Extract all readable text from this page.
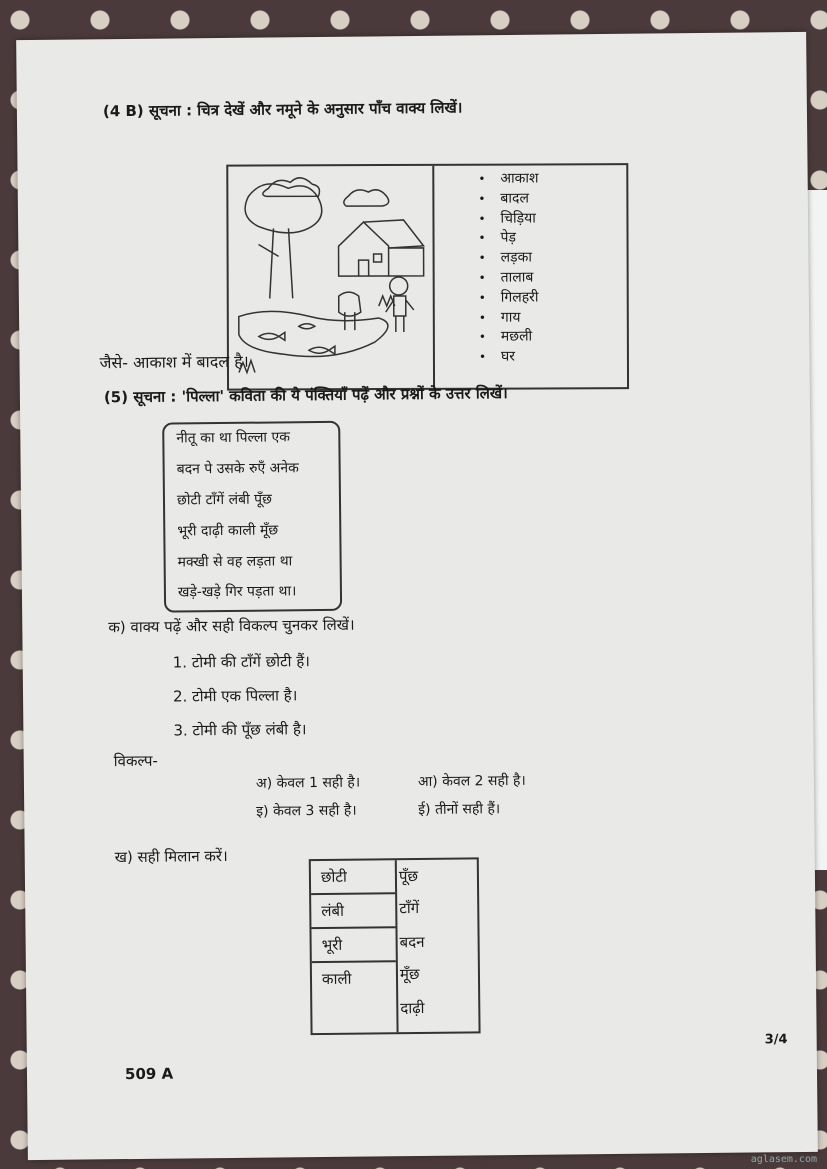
(4 B) सूचना : चित्र देखें और नमूने के अनुसार पाँच वाक्य लिखें।
• आकाश
• बादल
• चिड़िया
• पेड़
• लड़का
• तालाब
• गिलहरी
• गाय
• मछली
• घर
जैसे- आकाश में बादल है।
(5) सूचना : 'पिल्ला' कविता की ये पंक्तियाँ पढ़ें और प्रश्नों के उत्तर लिखें।
नीतू का था पिल्ला एक
बदन पे उसके रुएँ अनेक
छोटी टाँगें लंबी पूँछ
भूरी दाढ़ी काली मूँछ
मक्खी से वह लड़ता था
खड़े-खड़े गिर पड़ता था।
क) वाक्य पढ़ें और सही विकल्प चुनकर लिखें।
1. टोमी की टाँगें छोटी हैं।
2. टोमी एक पिल्ला है।
3. टोमी की पूँछ लंबी है।
विकल्प-
अ) केवल 1 सही है।	आ) केवल 2 सही है।
इ) केवल 3 सही है।	ई) तीनों सही हैं।
ख) सही मिलान करें।
छोटी
लंबी
भूरी
काली
पूँछ
टाँगें
बदन
मूँछ
दाढ़ी
509 A
3/4
aglasem.com
